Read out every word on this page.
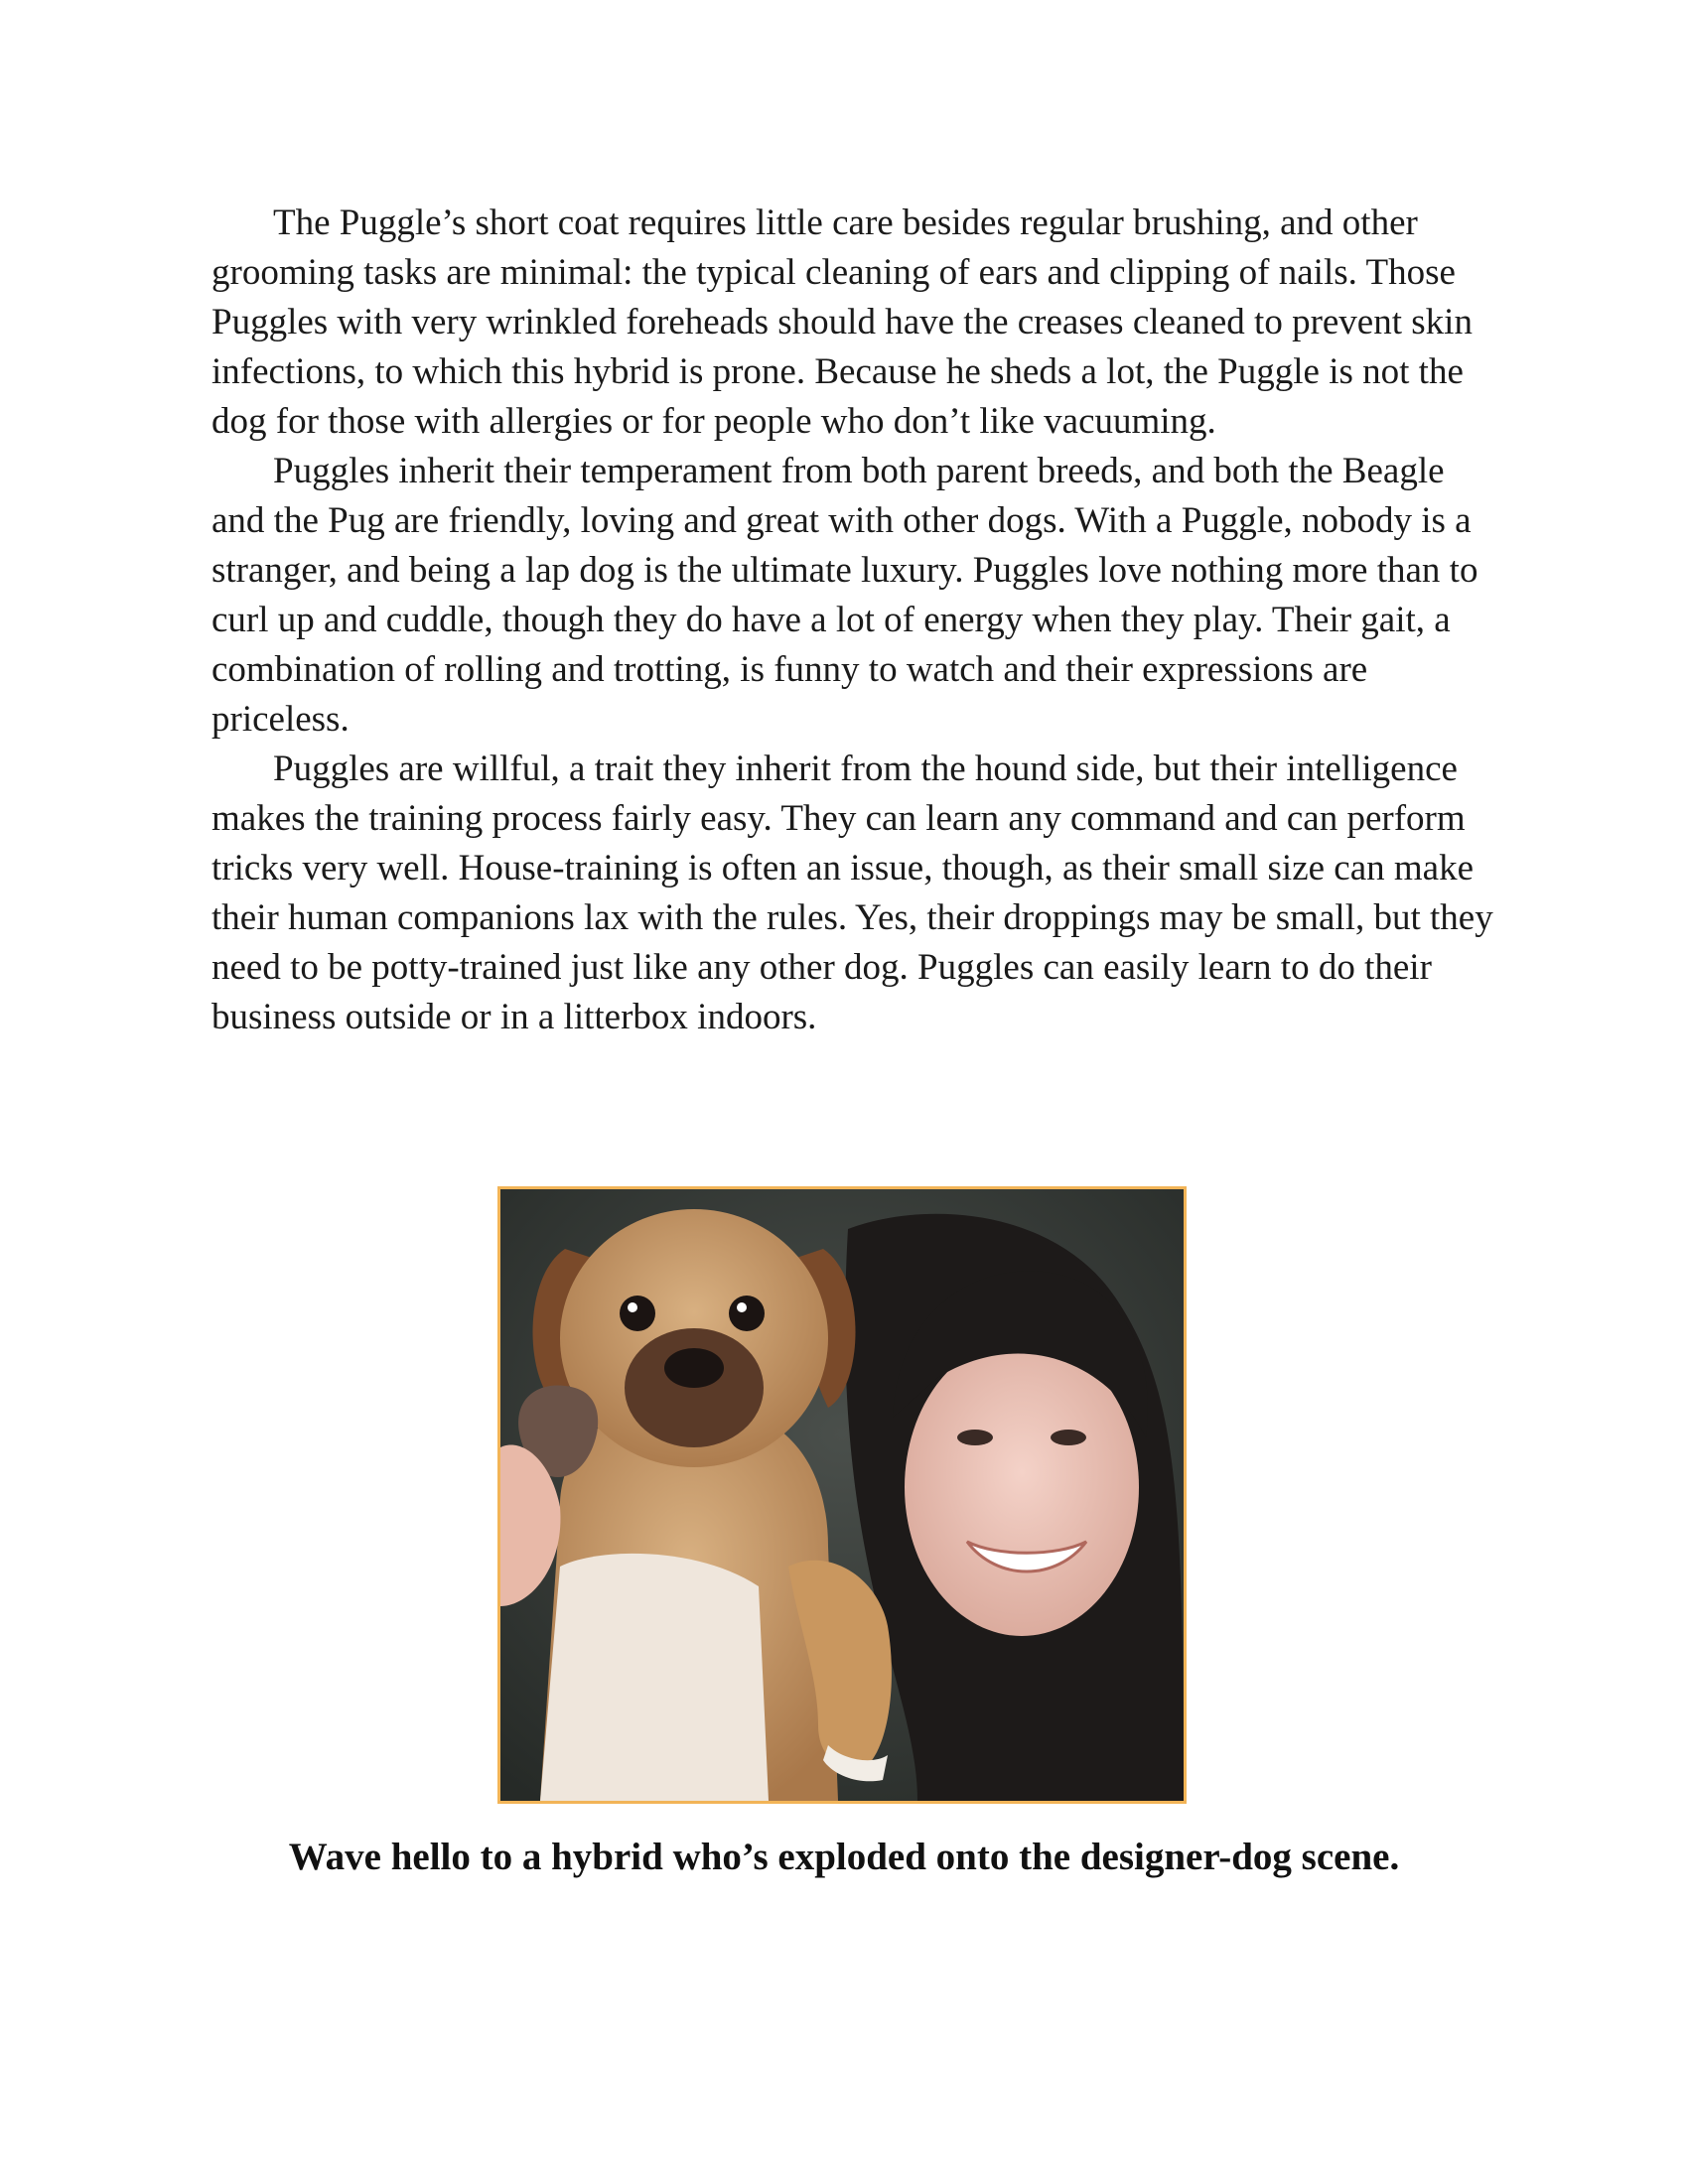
The Puggle’s short coat requires little care besides regular brushing, and other grooming tasks are minimal: the typical cleaning of ears and clipping of nails. Those Puggles with very wrinkled foreheads should have the creases cleaned to prevent skin infections, to which this hybrid is prone. Because he sheds a lot, the Puggle is not the dog for those with allergies or for people who don’t like vacuuming.

Puggles inherit their temperament from both parent breeds, and both the Beagle and the Pug are friendly, loving and great with other dogs. With a Puggle, nobody is a stranger, and being a lap dog is the ultimate luxury. Puggles love nothing more than to curl up and cuddle, though they do have a lot of energy when they play. Their gait, a combination of rolling and trotting, is funny to watch and their expressions are priceless.

Puggles are willful, a trait they inherit from the hound side, but their intelligence makes the training process fairly easy. They can learn any command and can perform tricks very well. House-training is often an issue, though, as their small size can make their human companions lax with the rules. Yes, their droppings may be small, but they need to be potty-trained just like any other dog. Puggles can easily learn to do their business outside or in a litterbox indoors.

Wave hello to a hybrid who’s exploded onto the designer-dog scene.
